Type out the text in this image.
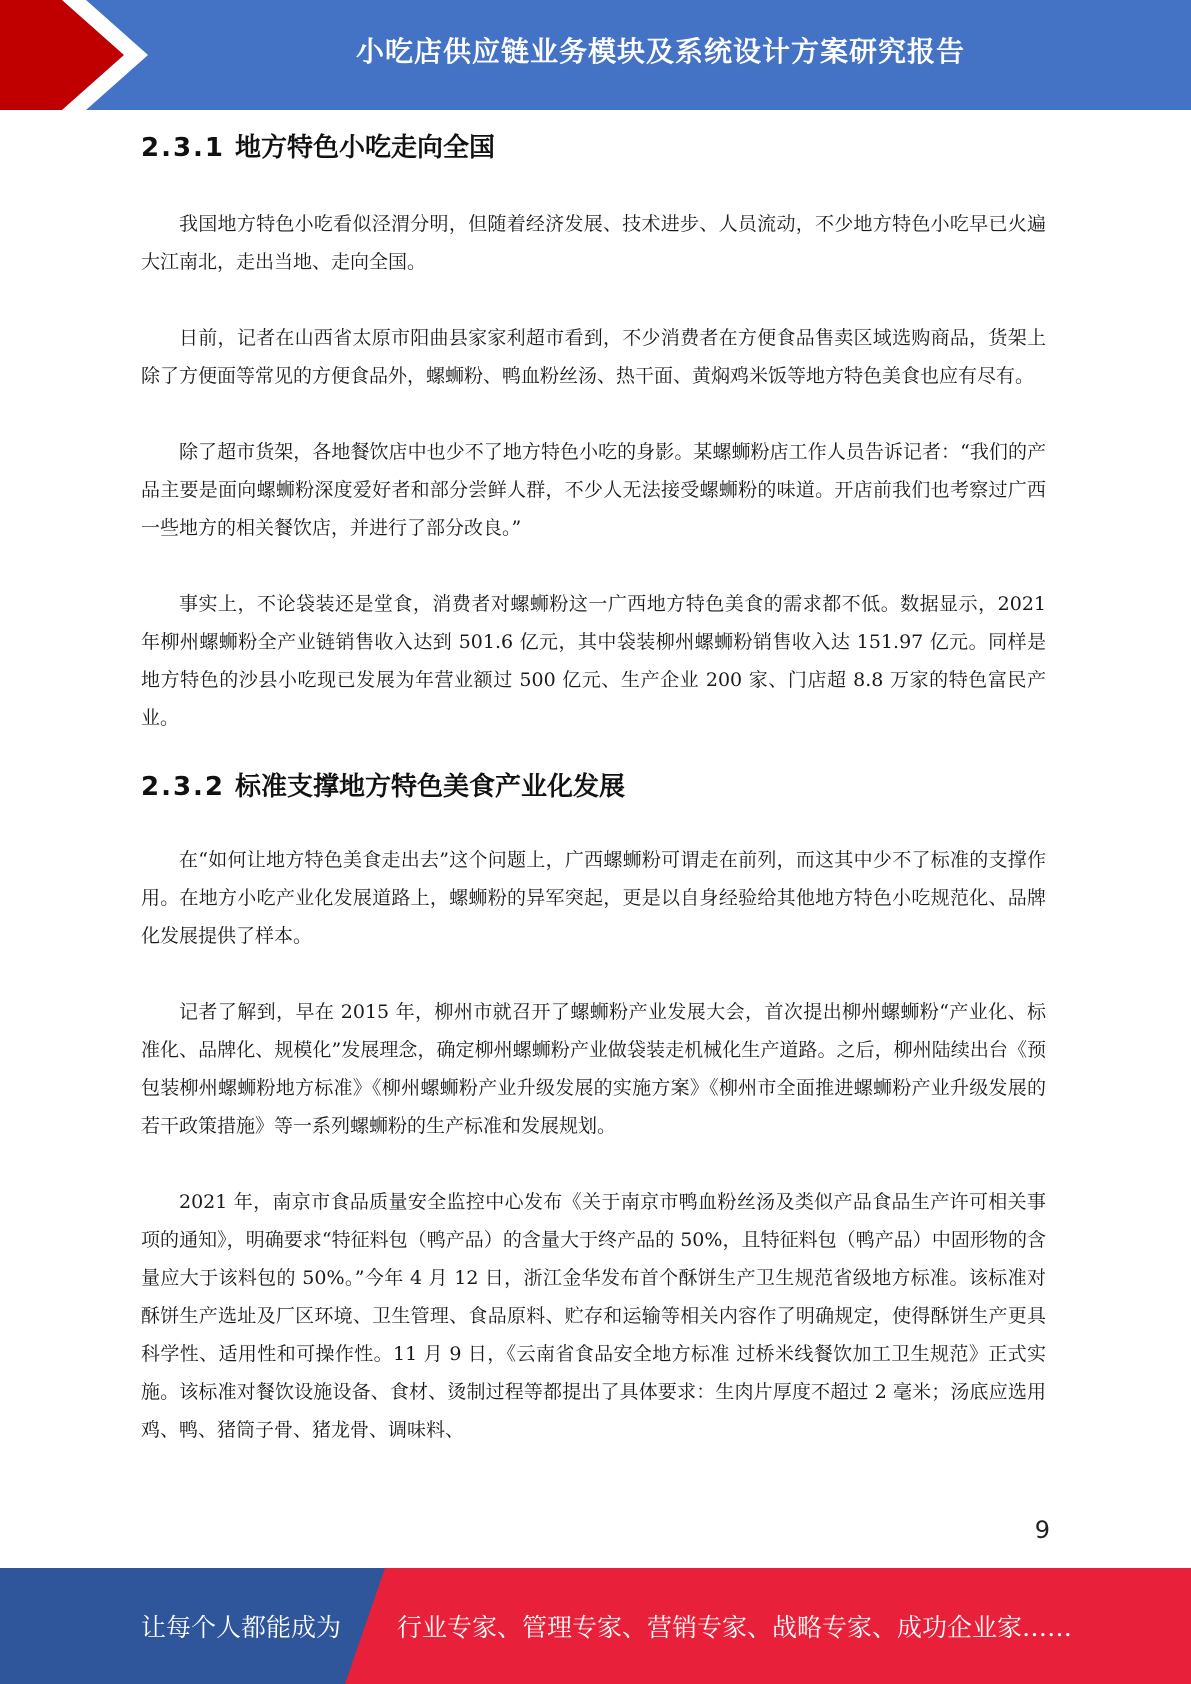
小吃店供应链业务模块及系统设计方案研究报告
2.3.1 地方特色小吃走向全国

我国地方特色小吃看似泾渭分明，但随着经济发展、技术进步、人员流动，不少地方特色小吃早已火遍大江南北，走出当地、走向全国。

日前，记者在山西省太原市阳曲县家家利超市看到，不少消费者在方便食品售卖区域选购商品，货架上除了方便面等常见的方便食品外，螺蛳粉、鸭血粉丝汤、热干面、黄焖鸡米饭等地方特色美食也应有尽有。

除了超市货架，各地餐饮店中也少不了地方特色小吃的身影。某螺蛳粉店工作人员告诉记者：“我们的产品主要是面向螺蛳粉深度爱好者和部分尝鲜人群，不少人无法接受螺蛳粉的味道。开店前我们也考察过广西一些地方的相关餐饮店，并进行了部分改良。”

事实上，不论袋装还是堂食，消费者对螺蛳粉这一广西地方特色美食的需求都不低。数据显示，2021 年柳州螺蛳粉全产业链销售收入达到 501.6 亿元，其中袋装柳州螺蛳粉销售收入达 151.97 亿元。同样是地方特色的沙县小吃现已发展为年营业额过 500 亿元、生产企业 200 家、门店超 8.8 万家的特色富民产业。

2.3.2 标准支撑地方特色美食产业化发展

在“如何让地方特色美食走出去”这个问题上，广西螺蛳粉可谓走在前列，而这其中少不了标准的支撑作用。在地方小吃产业化发展道路上，螺蛳粉的异军突起，更是以自身经验给其他地方特色小吃规范化、品牌化发展提供了样本。

记者了解到，早在 2015 年，柳州市就召开了螺蛳粉产业发展大会，首次提出柳州螺蛳粉“产业化、标准化、品牌化、规模化”发展理念，确定柳州螺蛳粉产业做袋装走机械化生产道路。之后，柳州陆续出台《预包装柳州螺蛳粉地方标准》《柳州螺蛳粉产业升级发展的实施方案》《柳州市全面推进螺蛳粉产业升级发展的若干政策措施》等一系列螺蛳粉的生产标准和发展规划。

2021 年，南京市食品质量安全监控中心发布《关于南京市鸭血粉丝汤及类似产品食品生产许可相关事项的通知》，明确要求“特征料包（鸭产品）的含量大于终产品的 50%，且特征料包（鸭产品）中固形物的含量应大于该料包的 50%。”今年 4 月 12 日，浙江金华发布首个酥饼生产卫生规范省级地方标准。该标准对酥饼生产选址及厂区环境、卫生管理、食品原料、贮存和运输等相关内容作了明确规定，使得酥饼生产更具科学性、适用性和可操作性。11 月 9 日，《云南省食品安全地方标准 过桥米线餐饮加工卫生规范》正式实施。该标准对餐饮设施设备、食材、烫制过程等都提出了具体要求：生肉片厚度不超过 2 毫米；汤底应选用鸡、鸭、猪筒子骨、猪龙骨、调味料、

9
让每个人都能成为 行业专家、管理专家、营销专家、战略专家、成功企业家……
